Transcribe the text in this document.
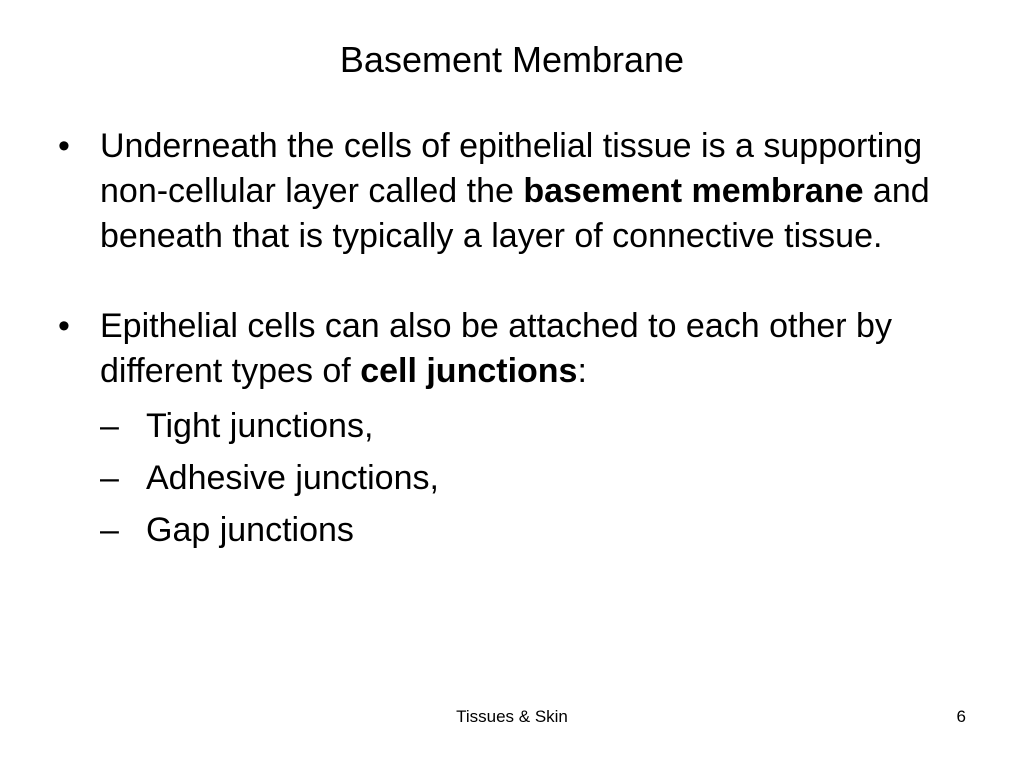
Basement Membrane
• Underneath the cells of epithelial tissue is a supporting non-cellular layer called the basement membrane and beneath that is typically a layer of connective tissue.
• Epithelial cells can also be attached to each other by different types of cell junctions:
– Tight junctions,
– Adhesive junctions,
– Gap junctions
Tissues & Skin	6
